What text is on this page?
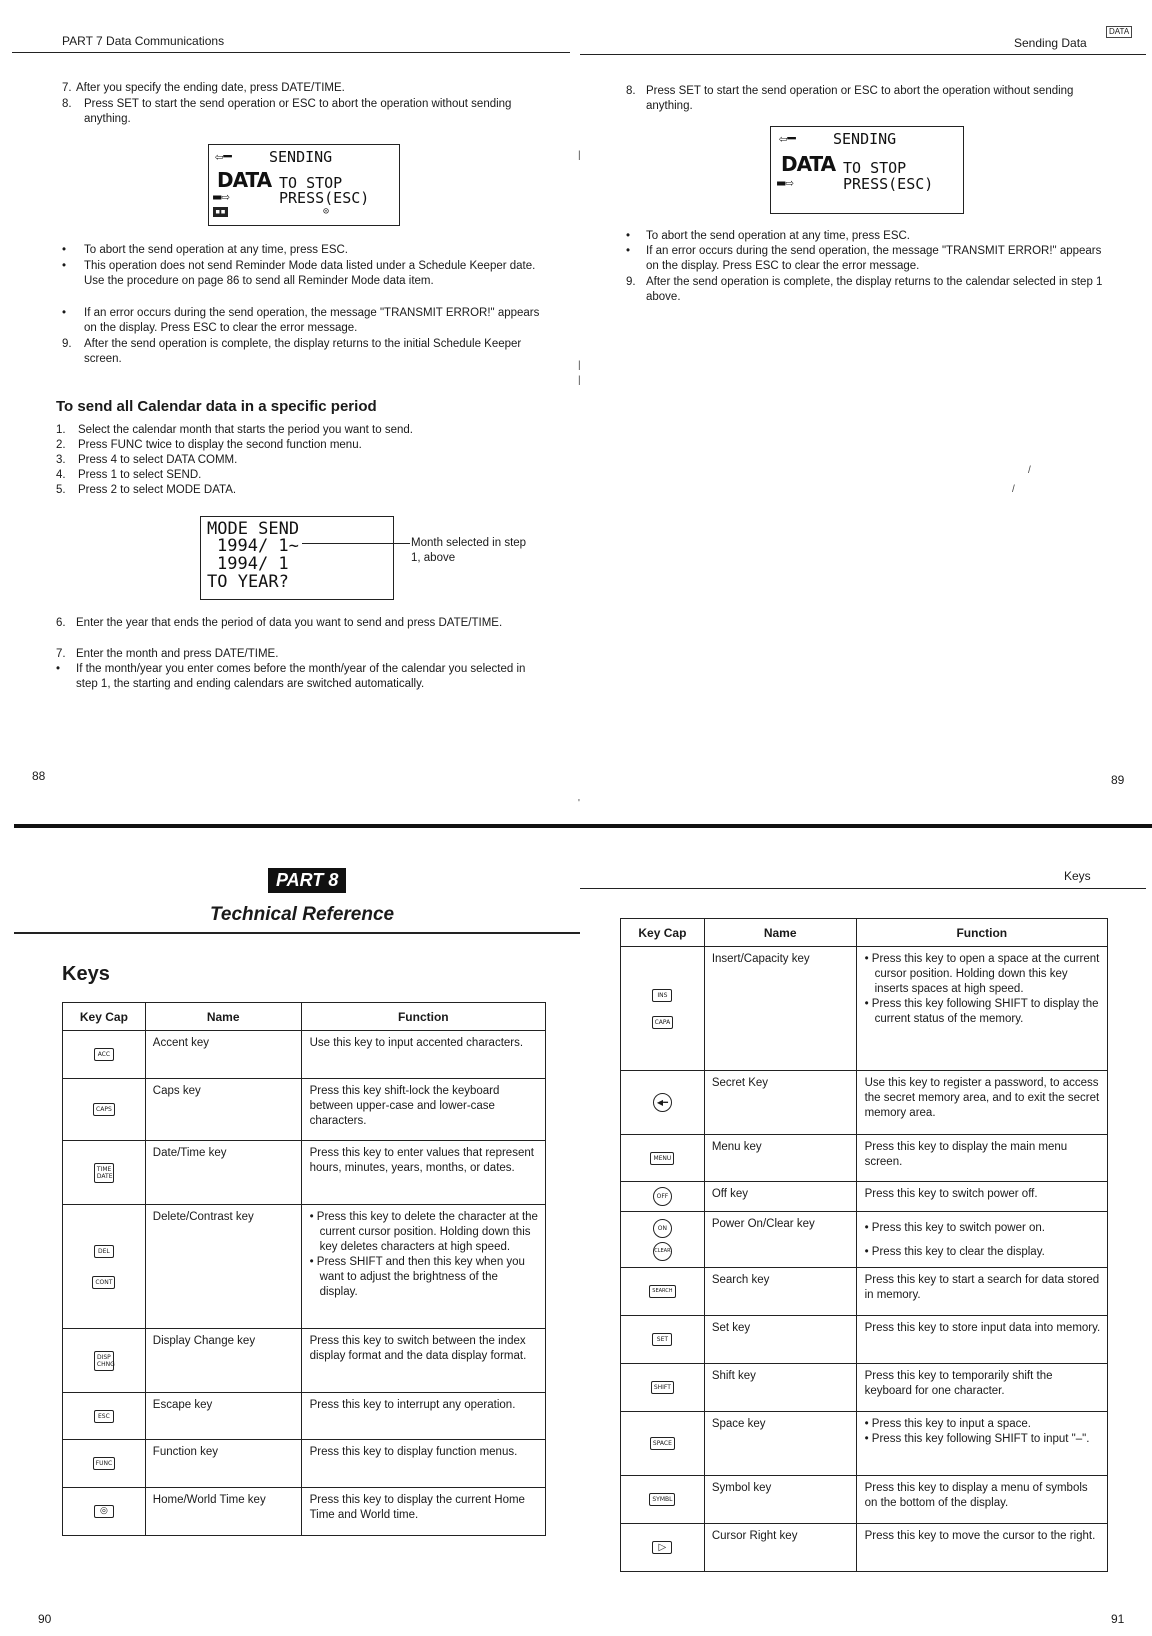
PART 7 Data Communications
7. After you specify the ending date, press DATE/TIME.
8.	Press SET to start the send operation or ESC to abort the operation without sending anything.
⇦━ SENDING
DATA TO STOP
▬⇨	PRESS(ESC)
▪▪	⊙
•	To abort the send operation at any time, press ESC.
•	This operation does not send Reminder Mode data listed under a Schedule Keeper date. Use the procedure on page 86 to send all Reminder Mode data item.
•	If an error occurs during the send operation, the message "TRANSMIT ERROR!" appears on the display. Press ESC to clear the error message.
9.	After the send operation is complete, the display returns to the initial Schedule Keeper screen.
To send all Calendar data in a specific period
1.	Select the calendar month that starts the period you want to send.
2.	Press FUNC twice to display the second function menu.
3.	Press 4 to select DATA COMM.
4.	Press 1 to select SEND.
5.	Press 2 to select MODE DATA.
MODE SEND
1994/ 1~
1994/ 1
TO YEAR?
Month selected in step 1, above
6. Enter the year that ends the period of data you want to send and press DATE/TIME.
7. Enter the month and press DATE/TIME.
•	If the month/year you enter comes before the month/year of the calendar you selected in step 1, the starting and ending calendars are switched automatically.
88
Sending Data
DATA
8. Press SET to start the send operation or ESC to abort the operation without sending anything.
⇦━ SENDING
DATA TO STOP
▬⇨	PRESS(ESC)
•	To abort the send operation at any time, press ESC.
•	If an error occurs during the send operation, the message "TRANSMIT ERROR!" appears on the display. Press ESC to clear the error message.
9. After the send operation is complete, the display returns to the calendar selected in step 1 above.
89
|
|
|
'
/
/
PART 8
Technical Reference
Keys
Key Cap	Name	Function
ACC	Accent key	Use this key to input accented characters.
CAPS	Caps key	Press this key shift-lock the keyboard between upper-case and lower-case characters.
TIME DATE	Date/Time key	Press this key to enter values that represent hours, minutes, years, months, or dates.
DEL
CONT	Delete/Contrast key	• Press this key to delete the character at the current cursor position. Holding down this key deletes characters at high speed.
• Press SHIFT and then this key when you want to adjust the brightness of the display.

DISP CHNG	Display Change key	Press this key to switch between the index display format and the data display format.
ESC	Escape key	Press this key to interrupt any operation.
FUNC	Function key	Press this key to display function menus.
◎	Home/World Time key	Press this key to display the current Home Time and World time.
90
Keys
Key Cap	Name	Function
INS
CAPA	Insert/Capacity key	• Press this key to open a space at the current cursor position. Holding down this key inserts spaces at high speed.
• Press this key following SHIFT to display the current status of the memory.

◀━	Secret Key	Use this key to register a password, to access the secret memory area, and to exit the secret memory area.
MENU	Menu key	Press this key to display the main menu screen.
OFF	Off key	Press this key to switch power off.
ON
CLEAR	Power On/Clear key	• Press this key to switch power on.
• Press this key to clear the display.

SEARCH	Search key	Press this key to start a search for data stored in memory.
SET	Set key	Press this key to store input data into memory.
SHIFT	Shift key	Press this key to temporarily shift the keyboard for one character.
SPACE	Space key	• Press this key to input a space.
• Press this key following SHIFT to input "–".

SYMBL	Symbol key	Press this key to display a menu of symbols on the bottom of the display.
▷	Cursor Right key	Press this key to move the cursor to the right.
91
